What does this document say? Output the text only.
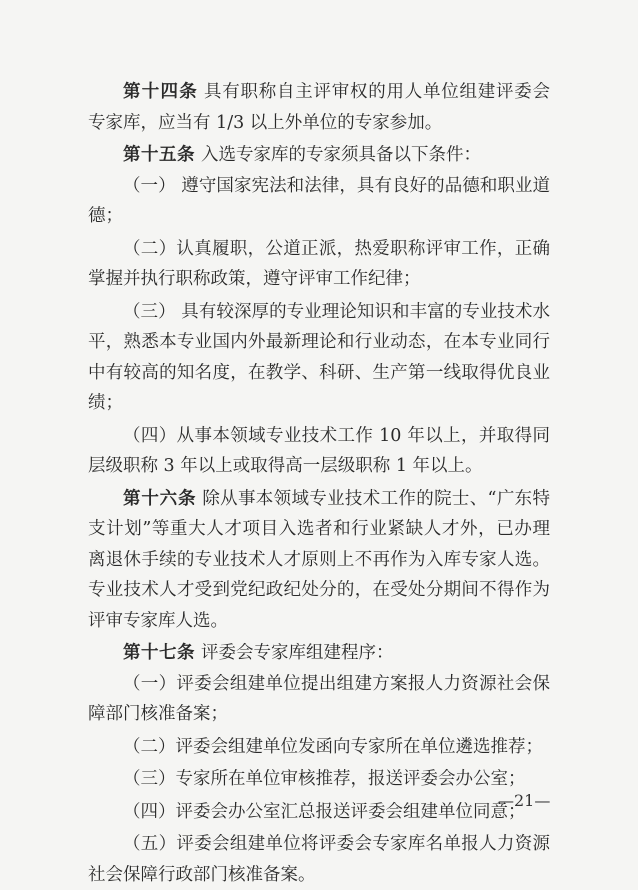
第十四条 具有职称自主评审权的用人单位组建评委会专家库，应当有 1/3 以上外单位的专家参加。

第十五条 入选专家库的专家须具备以下条件：

（一） 遵守国家宪法和法律，具有良好的品德和职业道德；

（二）认真履职，公道正派，热爱职称评审工作，正确掌握并执行职称政策，遵守评审工作纪律；

（三） 具有较深厚的专业理论知识和丰富的专业技术水平，熟悉本专业国内外最新理论和行业动态，在本专业同行中有较高的知名度，在教学、科研、生产第一线取得优良业绩；

（四）从事本领域专业技术工作 10 年以上，并取得同层级职称 3 年以上或取得高一层级职称 1 年以上。

第十六条 除从事本领域专业技术工作的院士、“广东特支计划”等重大人才项目入选者和行业紧缺人才外，已办理离退休手续的专业技术人才原则上不再作为入库专家人选。专业技术人才受到党纪政纪处分的，在受处分期间不得作为评审专家库人选。

第十七条 评委会专家库组建程序：

（一）评委会组建单位提出组建方案报人力资源社会保障部门核准备案；

（二）评委会组建单位发函向专家所在单位遴选推荐；

（三）专家所在单位审核推荐，报送评委会办公室；

（四）评委会办公室汇总报送评委会组建单位同意；

（五）评委会组建单位将评委会专家库名单报人力资源社会保障行政部门核准备案。

—21—
